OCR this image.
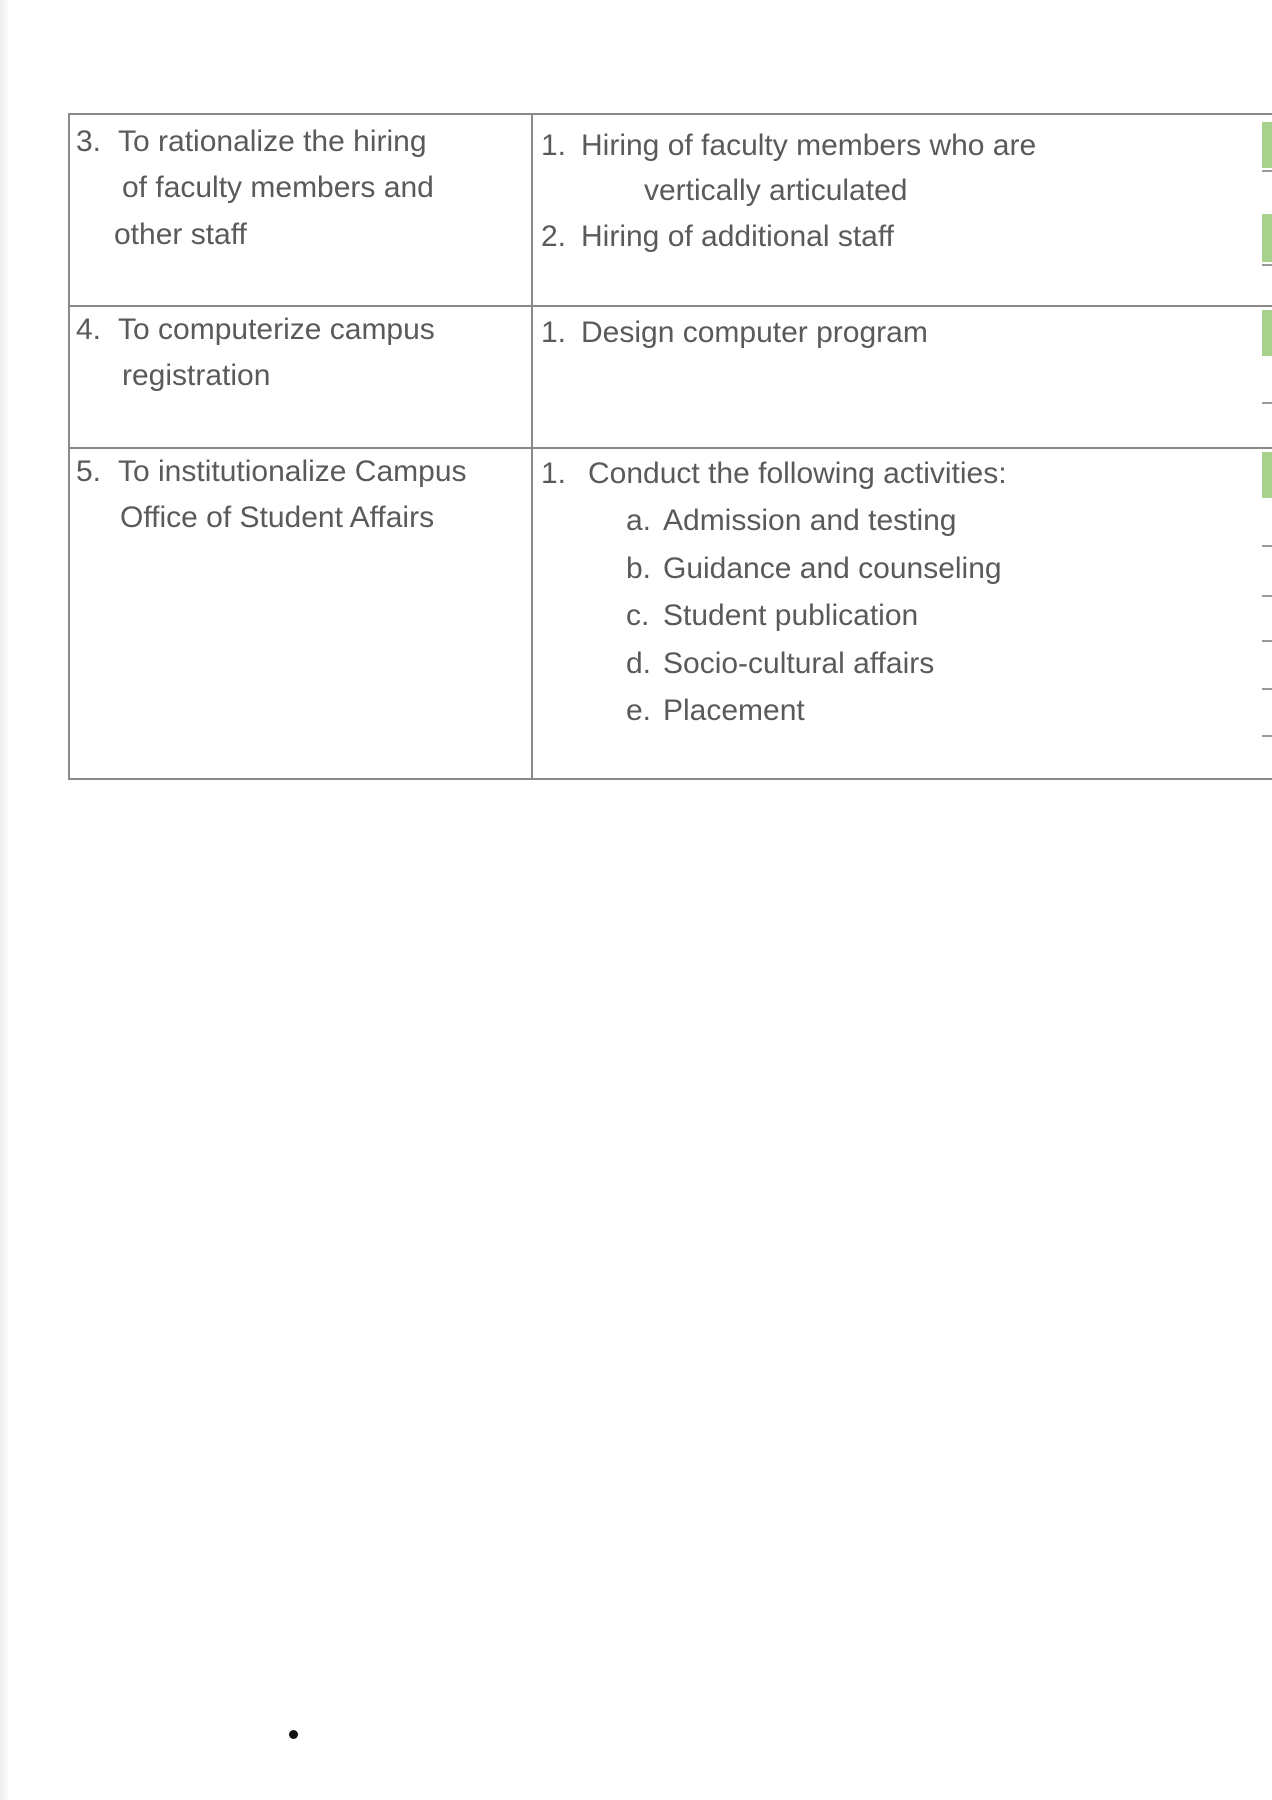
3. To rationalize the hiring
of faculty members and
other staff
1. Hiring of faculty members who are
vertically articulated
2. Hiring of additional staff
4. To computerize campus
registration
1. Design computer program
5. To institutionalize Campus
Office of Student Affairs
1. Conduct the following activities:
a. Admission and testing
b. Guidance and counseling
c. Student publication
d. Socio-cultural affairs
e. Placement
